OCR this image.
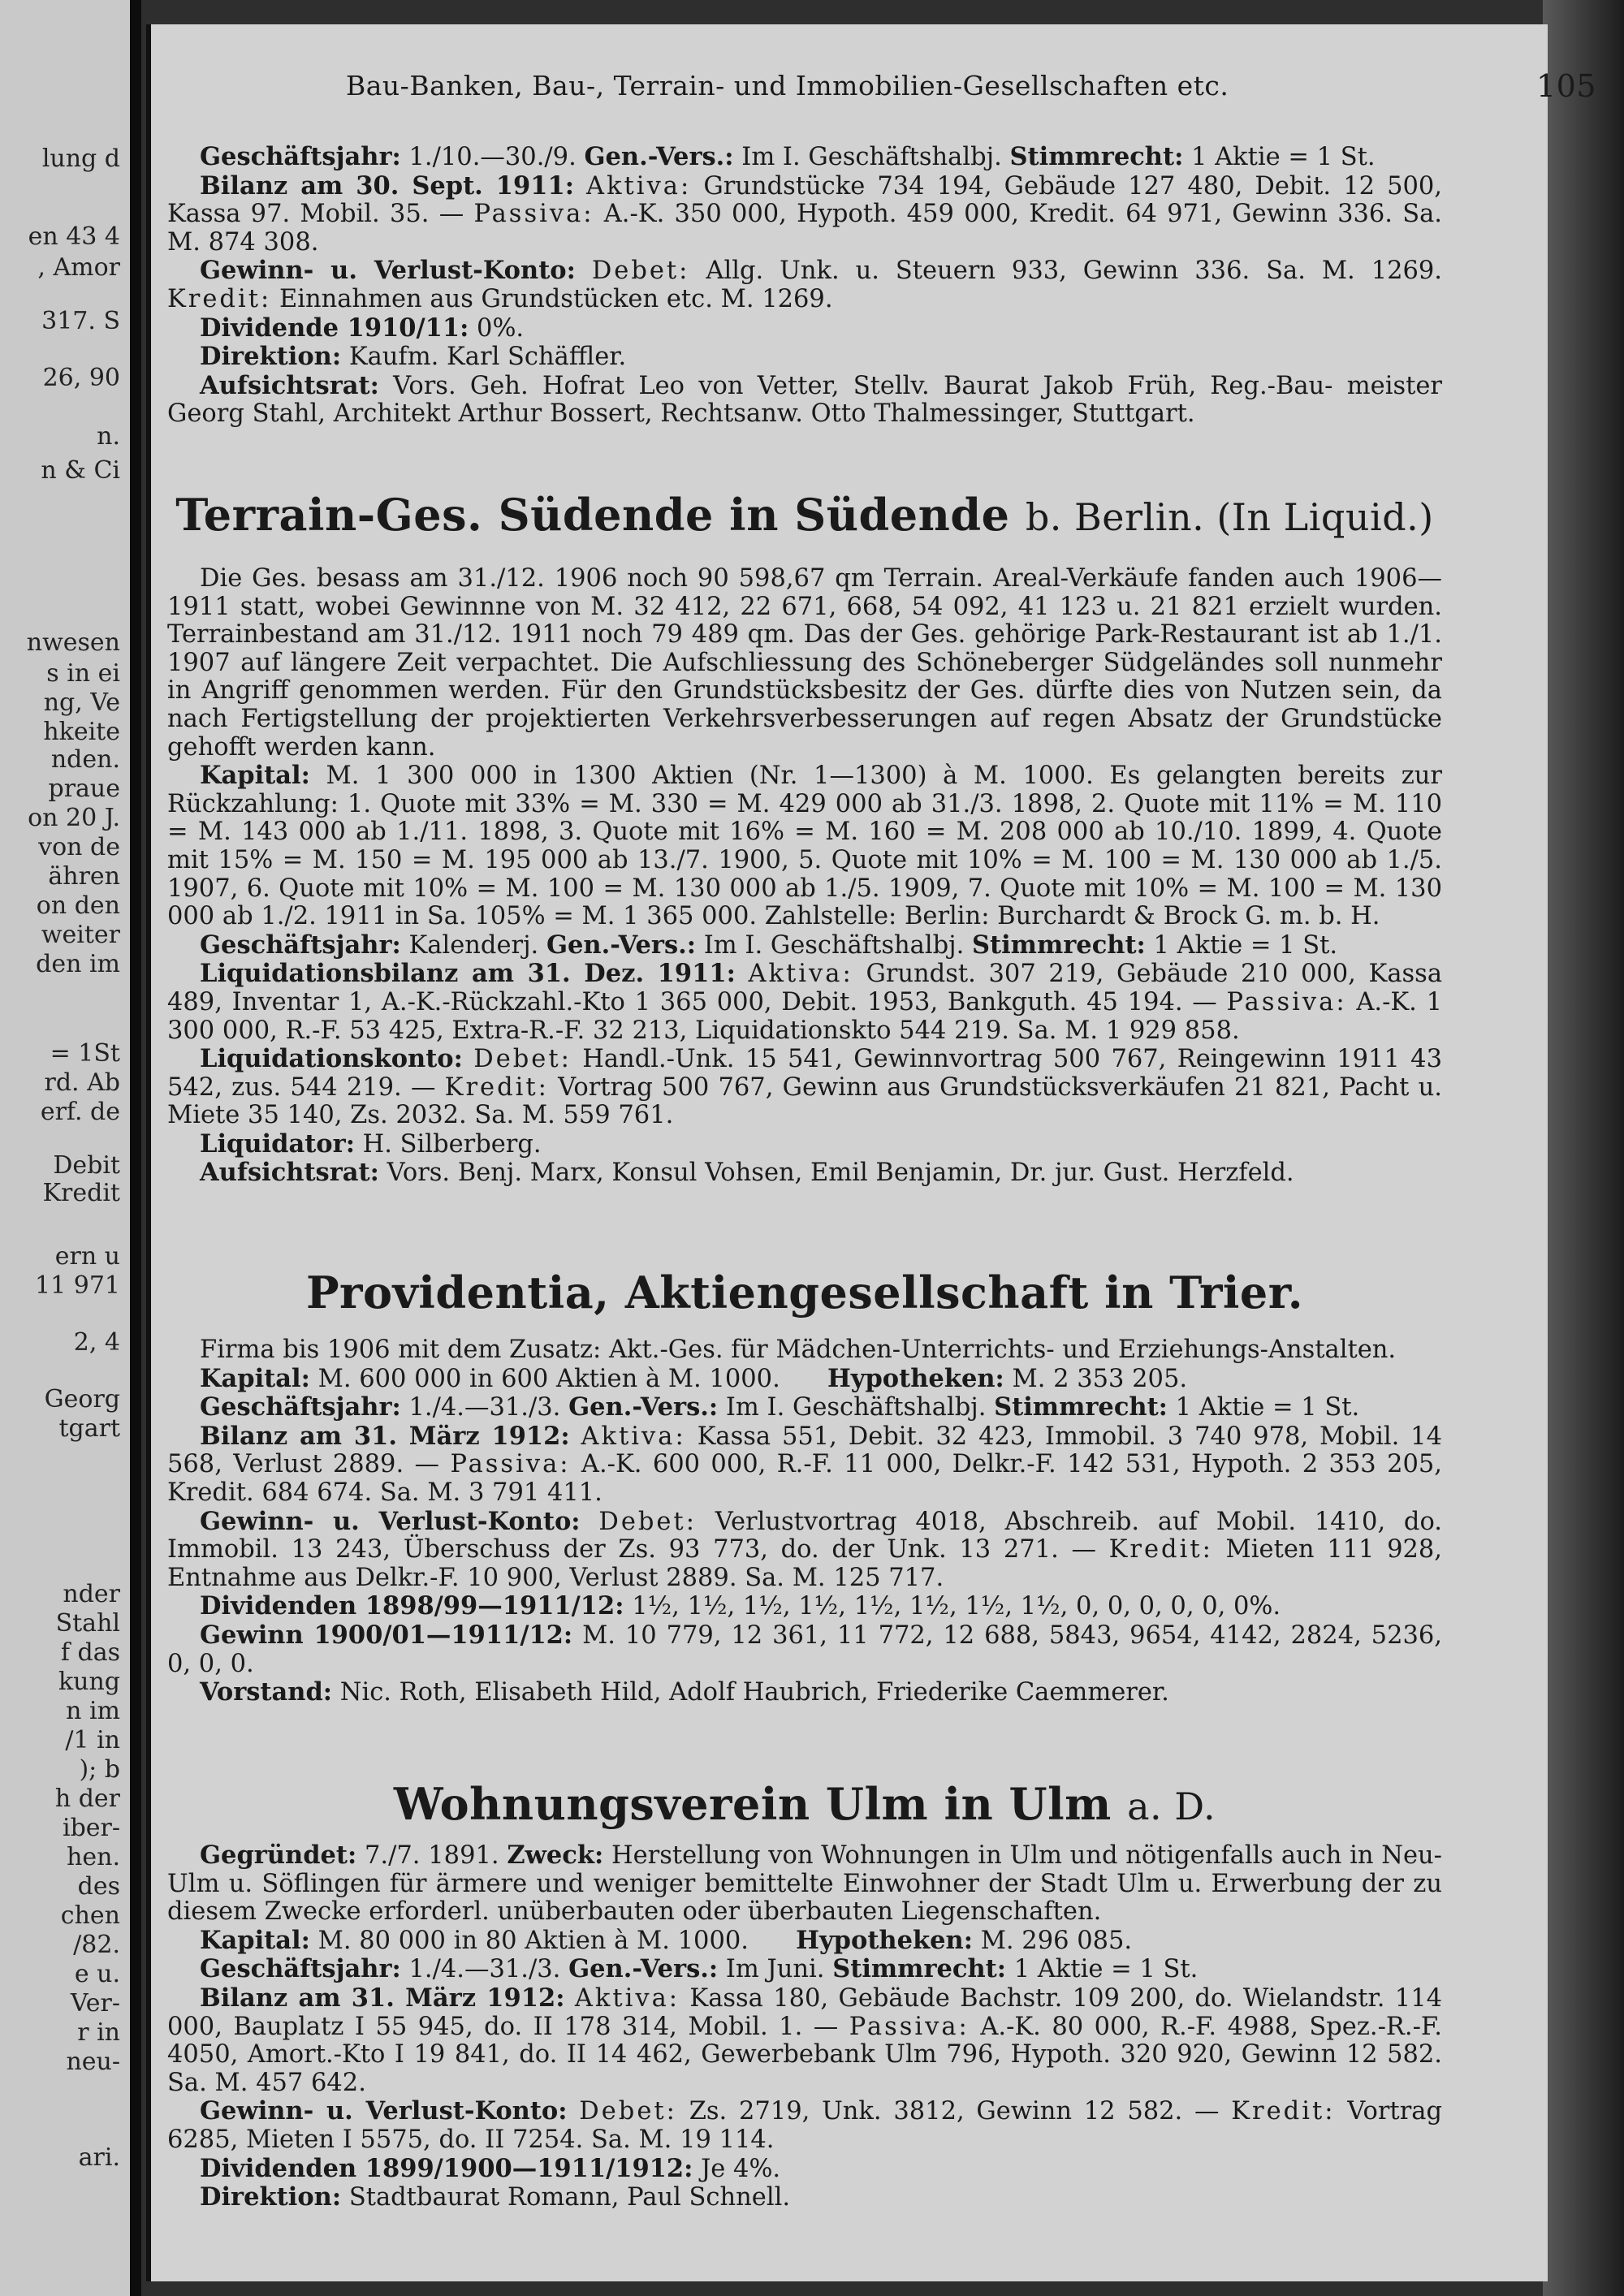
lung d
en 43 4
, Amor
317. S
26, 90
n.
n & Ci
nwesen
s in ei
ng, Ve
hkeite
nden.
praue
on 20 J.
von de
ähren
on den
weiter
den im
= 1St
rd. Ab
erf. de
Debit
Kredit
ern u
11 971
2, 4
Georg
tgart
nder
Stahl
f das
kung
n im
/1 in
); b
h der
iber-
hen.
des
chen
/82.
e u.
Ver-
r in
neu-
ari.
Bau-Banken, Bau-, Terrain- und Immobilien-Gesellschaften etc.	105

Geschäftsjahr: 1./10.—30./9. Gen.-Vers.: Im I. Geschäftshalbj. Stimmrecht: 1 Aktie = 1 St.

Bilanz am 30. Sept. 1911: Aktiva: Grundstücke 734 194, Gebäude 127 480, Debit. 12 500, Kassa 97. Mobil. 35. — Passiva: A.-K. 350 000, Hypoth. 459 000, Kredit. 64 971, Gewinn 336. Sa. M. 874 308.

Gewinn- u. Verlust-Konto: Debet: Allg. Unk. u. Steuern 933, Gewinn 336. Sa. M. 1269. Kredit: Einnahmen aus Grundstücken etc. M. 1269.

Dividende 1910/11: 0%.

Direktion: Kaufm. Karl Schäffler.

Aufsichtsrat: Vors. Geh. Hofrat Leo von Vetter, Stellv. Baurat Jakob Früh, Reg.-Bau- meister Georg Stahl, Architekt Arthur Bossert, Rechtsanw. Otto Thalmessinger, Stuttgart.

Terrain-Ges. Südende in Südende b. Berlin. (In Liquid.)

Die Ges. besass am 31./12. 1906 noch 90 598,67 qm Terrain. Areal-Verkäufe fanden auch 1906—1911 statt, wobei Gewinnne von M. 32 412, 22 671, 668, 54 092, 41 123 u. 21 821 erzielt wurden. Terrainbestand am 31./12. 1911 noch 79 489 qm. Das der Ges. gehörige Park-Restaurant ist ab 1./1. 1907 auf längere Zeit verpachtet. Die Aufschliessung des Schöneberger Südgeländes soll nunmehr in Angriff genommen werden. Für den Grundstücksbesitz der Ges. dürfte dies von Nutzen sein, da nach Fertigstellung der projektierten Verkehrsverbesserungen auf regen Absatz der Grundstücke gehofft werden kann.

Kapital: M. 1 300 000 in 1300 Aktien (Nr. 1—1300) à M. 1000. Es gelangten bereits zur Rückzahlung: 1. Quote mit 33% = M. 330 = M. 429 000 ab 31./3. 1898, 2. Quote mit 11% = M. 110 = M. 143 000 ab 1./11. 1898, 3. Quote mit 16% = M. 160 = M. 208 000 ab 10./10. 1899, 4. Quote mit 15% = M. 150 = M. 195 000 ab 13./7. 1900, 5. Quote mit 10% = M. 100 = M. 130 000 ab 1./5. 1907, 6. Quote mit 10% = M. 100 = M. 130 000 ab 1./5. 1909, 7. Quote mit 10% = M. 100 = M. 130 000 ab 1./2. 1911 in Sa. 105% = M. 1 365 000. Zahlstelle: Berlin: Burchardt & Brock G. m. b. H.

Geschäftsjahr: Kalenderj. Gen.-Vers.: Im I. Geschäftshalbj. Stimmrecht: 1 Aktie = 1 St.

Liquidationsbilanz am 31. Dez. 1911: Aktiva: Grundst. 307 219, Gebäude 210 000, Kassa 489, Inventar 1, A.-K.-Rückzahl.-Kto 1 365 000, Debit. 1953, Bankguth. 45 194. — Passiva: A.-K. 1 300 000, R.-F. 53 425, Extra-R.-F. 32 213, Liquidationskto 544 219. Sa. M. 1 929 858.

Liquidationskonto: Debet: Handl.-Unk. 15 541, Gewinnvortrag 500 767, Reingewinn 1911 43 542, zus. 544 219. — Kredit: Vortrag 500 767, Gewinn aus Grundstücksverkäufen 21 821, Pacht u. Miete 35 140, Zs. 2032. Sa. M. 559 761.

Liquidator: H. Silberberg.

Aufsichtsrat: Vors. Benj. Marx, Konsul Vohsen, Emil Benjamin, Dr. jur. Gust. Herzfeld.

Providentia, Aktiengesellschaft in Trier.

Firma bis 1906 mit dem Zusatz: Akt.-Ges. für Mädchen-Unterrichts- und Erziehungs-Anstalten.

Kapital: M. 600 000 in 600 Aktien à M. 1000. Hypotheken: M. 2 353 205.

Geschäftsjahr: 1./4.—31./3. Gen.-Vers.: Im I. Geschäftshalbj. Stimmrecht: 1 Aktie = 1 St.

Bilanz am 31. März 1912: Aktiva: Kassa 551, Debit. 32 423, Immobil. 3 740 978, Mobil. 14 568, Verlust 2889. — Passiva: A.-K. 600 000, R.-F. 11 000, Delkr.-F. 142 531, Hypoth. 2 353 205, Kredit. 684 674. Sa. M. 3 791 411.

Gewinn- u. Verlust-Konto: Debet: Verlustvortrag 4018, Abschreib. auf Mobil. 1410, do. Immobil. 13 243, Überschuss der Zs. 93 773, do. der Unk. 13 271. — Kredit: Mieten 111 928, Entnahme aus Delkr.-F. 10 900, Verlust 2889. Sa. M. 125 717.

Dividenden 1898/99—1911/12: 1½, 1½, 1½, 1½, 1½, 1½, 1½, 1½, 0, 0, 0, 0, 0, 0%.

Gewinn 1900/01—1911/12: M. 10 779, 12 361, 11 772, 12 688, 5843, 9654, 4142, 2824, 5236, 0, 0, 0.

Vorstand: Nic. Roth, Elisabeth Hild, Adolf Haubrich, Friederike Caemmerer.

Wohnungsverein Ulm in Ulm a. D.

Gegründet: 7./7. 1891. Zweck: Herstellung von Wohnungen in Ulm und nötigenfalls auch in Neu-Ulm u. Söflingen für ärmere und weniger bemittelte Einwohner der Stadt Ulm u. Erwerbung der zu diesem Zwecke erforderl. unüberbauten oder überbauten Liegenschaften.

Kapital: M. 80 000 in 80 Aktien à M. 1000. Hypotheken: M. 296 085.

Geschäftsjahr: 1./4.—31./3. Gen.-Vers.: Im Juni. Stimmrecht: 1 Aktie = 1 St.

Bilanz am 31. März 1912: Aktiva: Kassa 180, Gebäude Bachstr. 109 200, do. Wielandstr. 114 000, Bauplatz I 55 945, do. II 178 314, Mobil. 1. — Passiva: A.-K. 80 000, R.-F. 4988, Spez.-R.-F. 4050, Amort.-Kto I 19 841, do. II 14 462, Gewerbebank Ulm 796, Hypoth. 320 920, Gewinn 12 582. Sa. M. 457 642.

Gewinn- u. Verlust-Konto: Debet: Zs. 2719, Unk. 3812, Gewinn 12 582. — Kredit: Vortrag 6285, Mieten I 5575, do. II 7254. Sa. M. 19 114.

Dividenden 1899/1900—1911/1912: Je 4%.

Direktion: Stadtbaurat Romann, Paul Schnell.
